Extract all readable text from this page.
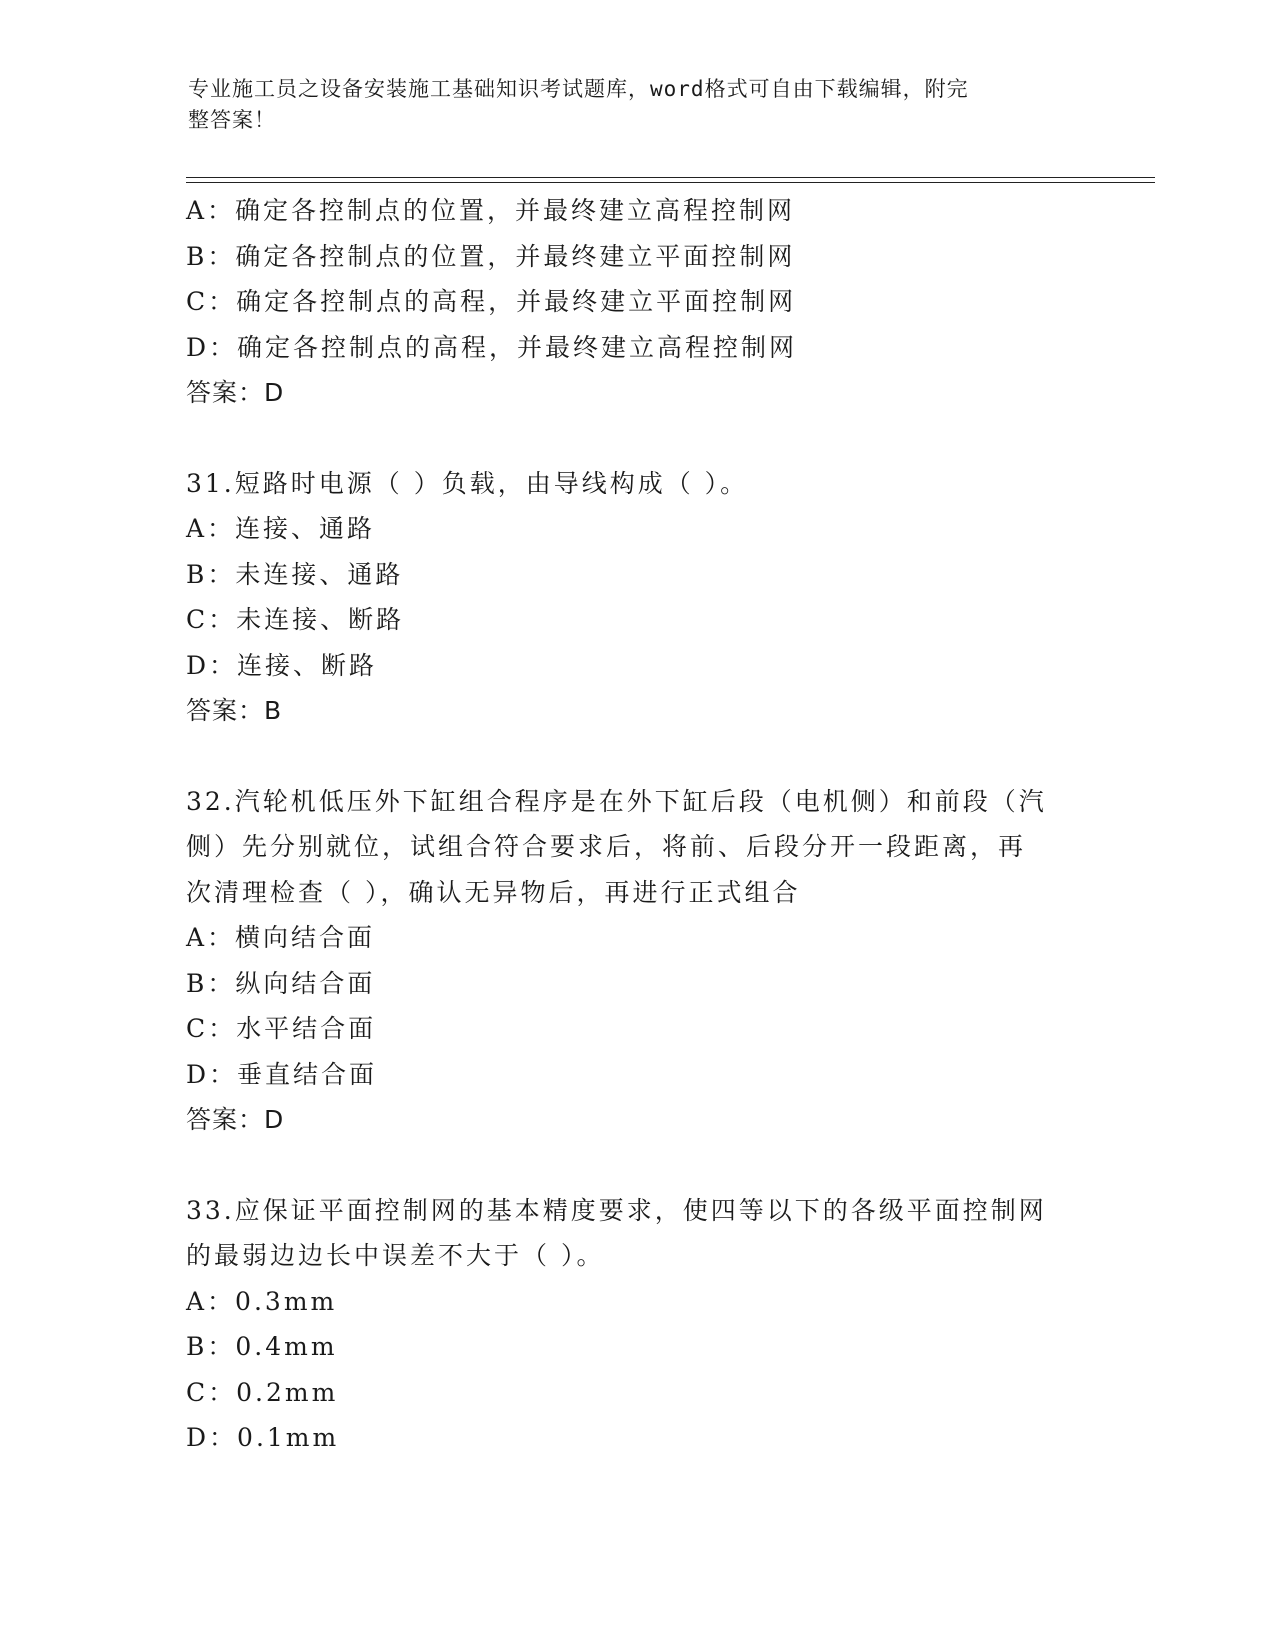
专业施工员之设备安装施工基础知识考试题库，word格式可自由下载编辑，附完
整答案！
A：确定各控制点的位置，并最终建立高程控制网
B：确定各控制点的位置，并最终建立平面控制网
C：确定各控制点的高程，并最终建立平面控制网
D：确定各控制点的高程，并最终建立高程控制网
答案：D
31.短路时电源（ ）负载，由导线构成（ ）。
A：连接、通路
B：未连接、通路
C：未连接、断路
D：连接、断路
答案：B
32.汽轮机低压外下缸组合程序是在外下缸后段（电机侧）和前段（汽
侧）先分别就位，试组合符合要求后，将前、后段分开一段距离，再
次清理检查（ ），确认无异物后，再进行正式组合
A：横向结合面
B：纵向结合面
C：水平结合面
D：垂直结合面
答案：D
33.应保证平面控制网的基本精度要求，使四等以下的各级平面控制网
的最弱边边长中误差不大于（ ）。
A：0.3mm
B：0.4mm
C：0.2mm
D：0.1mm
